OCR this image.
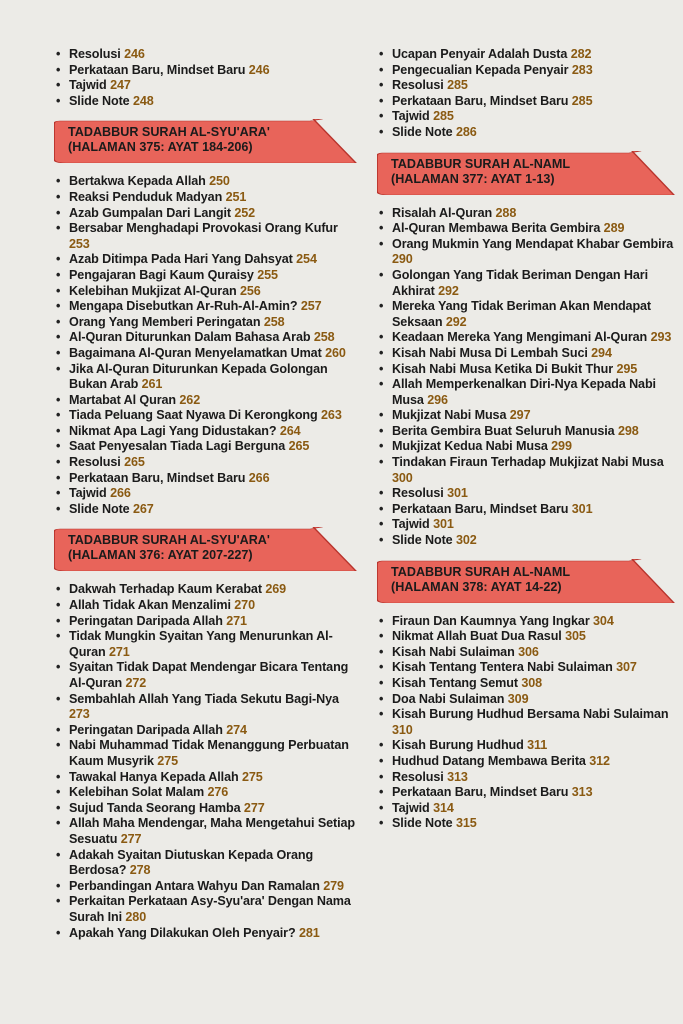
• Resolusi 246
• Perkataan Baru, Mindset Baru 246
• Tajwid 247
• Slide Note 248
TADABBUR SURAH AL-SYU'ARA'
(HALAMAN 375: AYAT 184-206)
• Bertakwa Kepada Allah 250
• Reaksi Penduduk Madyan 251
• Azab Gumpalan Dari Langit 252
• Bersabar Menghadapi Provokasi Orang Kufur 253
• Azab Ditimpa Pada Hari Yang Dahsyat 254
• Pengajaran Bagi Kaum Quraisy 255
• Kelebihan Mukjizat Al-Quran 256
• Mengapa Disebutkan Ar-Ruh-Al-Amin? 257
• Orang Yang Memberi Peringatan 258
• Al-Quran Diturunkan Dalam Bahasa Arab 258
• Bagaimana Al-Quran Menyelamatkan Umat 260
• Jika Al-Quran Diturunkan Kepada Golongan Bukan Arab 261
• Martabat Al Quran 262
• Tiada Peluang Saat Nyawa Di Kerongkong 263
• Nikmat Apa Lagi Yang Didustakan? 264
• Saat Penyesalan Tiada Lagi Berguna 265
• Resolusi 265
• Perkataan Baru, Mindset Baru 266
• Tajwid 266
• Slide Note 267
TADABBUR SURAH AL-SYU'ARA'
(HALAMAN 376: AYAT 207-227)
• Dakwah Terhadap Kaum Kerabat 269
• Allah Tidak Akan Menzalimi 270
• Peringatan Daripada Allah 271
• Tidak Mungkin Syaitan Yang Menurunkan Al-Quran 271
• Syaitan Tidak Dapat Mendengar Bicara Tentang Al-Quran 272
• Sembahlah Allah Yang Tiada Sekutu Bagi-Nya 273
• Peringatan Daripada Allah 274
• Nabi Muhammad Tidak Menanggung Perbuatan Kaum Musyrik 275
• Tawakal Hanya Kepada Allah 275
• Kelebihan Solat Malam 276
• Sujud Tanda Seorang Hamba 277
• Allah Maha Mendengar, Maha Mengetahui Setiap Sesuatu 277
• Adakah Syaitan Diutuskan Kepada Orang Berdosa? 278
• Perbandingan Antara Wahyu Dan Ramalan 279
• Perkaitan Perkataan Asy-Syu'ara' Dengan Nama Surah Ini 280
• Apakah Yang Dilakukan Oleh Penyair? 281
• Ucapan Penyair Adalah Dusta 282
• Pengecualian Kepada Penyair 283
• Resolusi 285
• Perkataan Baru, Mindset Baru 285
• Tajwid 285
• Slide Note 286
TADABBUR SURAH AL-NAML
(HALAMAN 377: AYAT 1-13)
• Risalah Al-Quran 288
• Al-Quran Membawa Berita Gembira 289
• Orang Mukmin Yang Mendapat Khabar Gembira 290
• Golongan Yang Tidak Beriman Dengan Hari Akhirat 292
• Mereka Yang Tidak Beriman Akan Mendapat Seksaan 292
• Keadaan Mereka Yang Mengimani Al-Quran 293
• Kisah Nabi Musa Di Lembah Suci 294
• Kisah Nabi Musa Ketika Di Bukit Thur 295
• Allah Memperkenalkan Diri-Nya Kepada Nabi Musa 296
• Mukjizat Nabi Musa 297
• Berita Gembira Buat Seluruh Manusia 298
• Mukjizat Kedua Nabi Musa 299
• Tindakan Firaun Terhadap Mukjizat Nabi Musa 300
• Resolusi 301
• Perkataan Baru, Mindset Baru 301
• Tajwid 301
• Slide Note 302
TADABBUR SURAH AL-NAML
(HALAMAN 378: AYAT 14-22)
• Firaun Dan Kaumnya Yang Ingkar 304
• Nikmat Allah Buat Dua Rasul 305
• Kisah Nabi Sulaiman 306
• Kisah Tentang Tentera Nabi Sulaiman 307
• Kisah Tentang Semut 308
• Doa Nabi Sulaiman 309
• Kisah Burung Hudhud Bersama Nabi Sulaiman 310
• Kisah Burung Hudhud 311
• Hudhud Datang Membawa Berita 312
• Resolusi 313
• Perkataan Baru, Mindset Baru 313
• Tajwid 314
• Slide Note 315
